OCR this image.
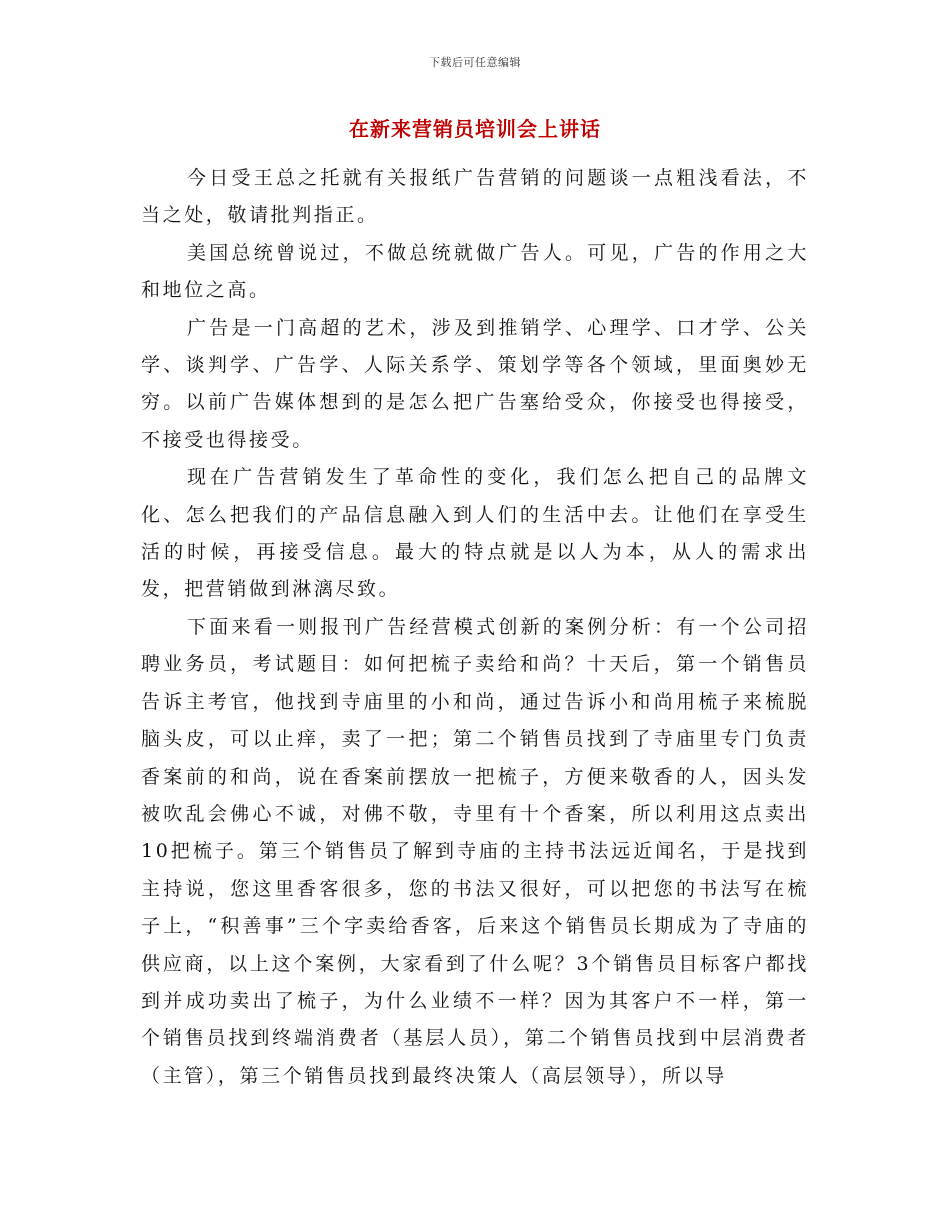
下载后可任意编辑
在新来营销员培训会上讲话

今日受王总之托就有关报纸广告营销的问题谈一点粗浅看法，不当之处，敬请批判指正。

美国总统曾说过，不做总统就做广告人。可见，广告的作用之大和地位之高。

广告是一门高超的艺术，涉及到推销学、心理学、口才学、公关学、谈判学、广告学、人际关系学、策划学等各个领域，里面奥妙无穷。以前广告媒体想到的是怎么把广告塞给受众，你接受也得接受，不接受也得接受。

现在广告营销发生了革命性的变化，我们怎么把自己的品牌文化、怎么把我们的产品信息融入到人们的生活中去。让他们在享受生活的时候，再接受信息。最大的特点就是以人为本，从人的需求出发，把营销做到淋漓尽致。

下面来看一则报刊广告经营模式创新的案例分析：有一个公司招聘业务员，考试题目：如何把梳子卖给和尚？十天后，第一个销售员告诉主考官，他找到寺庙里的小和尚，通过告诉小和尚用梳子来梳脱脑头皮，可以止痒，卖了一把；第二个销售员找到了寺庙里专门负责香案前的和尚，说在香案前摆放一把梳子，方便来敬香的人，因头发被吹乱会佛心不诚，对佛不敬，寺里有十个香案，所以利用这点卖出10把梳子。第三个销售员了解到寺庙的主持书法远近闻名，于是找到主持说，您这里香客很多，您的书法又很好，可以把您的书法写在梳子上，“积善事”三个字卖给香客，后来这个销售员长期成为了寺庙的供应商，以上这个案例，大家看到了什么呢？3个销售员目标客户都找到并成功卖出了梳子，为什么业绩不一样？因为其客户不一样，第一个销售员找到终端消费者（基层人员），第二个销售员找到中层消费者（主管），第三个销售员找到最终决策人（高层领导），所以导
